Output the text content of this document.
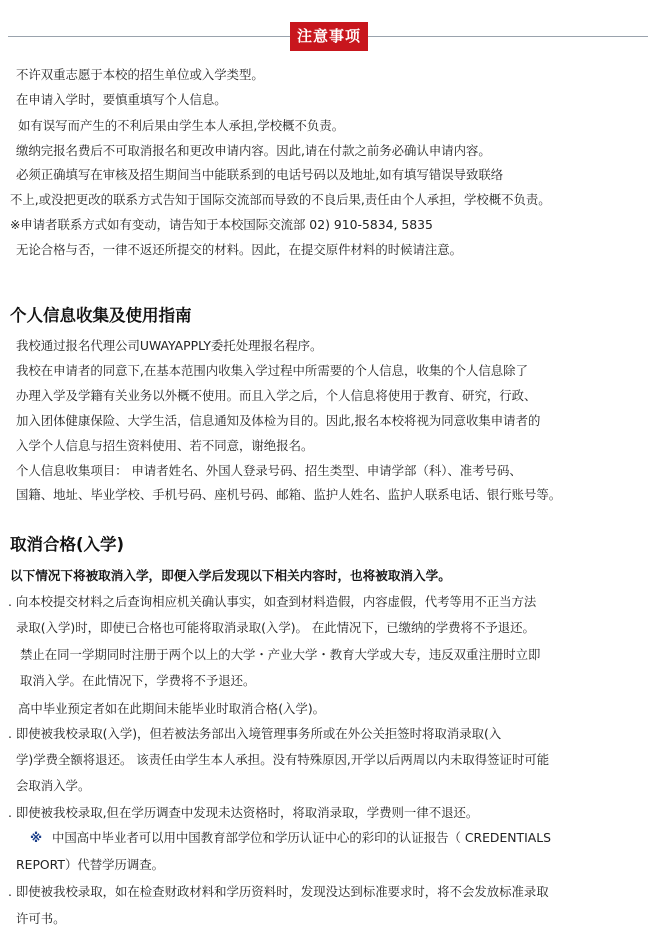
注意事项
不许双重志愿于本校的招生单位或入学类型。
在申请入学时，要慎重填写个人信息。
如有误写而产生的不利后果由学生本人承担,学校概不负责。
缴纳完报名费后不可取消报名和更改申请内容。因此,请在付款之前务必确认申请内容。
必须正确填写在审核及招生期间当中能联系到的电话号码以及地址,如有填写错误导致联络
不上,或没把更改的联系方式告知于国际交流部而导致的不良后果,责任由个人承担，学校概不负责。
※申请者联系方式如有变动，请告知于本校国际交流部 02) 910-5834, 5835
无论合格与否，一律不返还所提交的材料。因此，在提交原件材料的时候请注意。
个人信息收集及使用指南
我校通过报名代理公司UWAYAPPLY委托处理报名程序。
我校在申请者的同意下,在基本范围内收集入学过程中所需要的个人信息，收集的个人信息除了
办理入学及学籍有关业务以外概不使用。而且入学之后，个人信息将使用于教育、研究，行政、
加入团体健康保险、大学生活，信息通知及体检为目的。因此,报名本校将视为同意收集申请者的
入学个人信息与招生资料使用、若不同意，谢绝报名。
个人信息收集项目： 申请者姓名、外国人登录号码、招生类型、申请学部（科）、准考号码、
国籍、地址、毕业学校、手机号码、座机号码、邮箱、监护人姓名、监护人联系电话、银行账号等。
取消合格(入学)
以下情况下将被取消入学，即便入学后发现以下相关内容时，也将被取消入学。
. 向本校提交材料之后查询相应机关确认事实，如查到材料造假，内容虚假，代考等用不正当方法
录取(入学)时，即使已合格也可能将取消录取(入学)。 在此情况下，已缴纳的学费将不予退还。
禁止在同一学期同时注册于两个以上的大学・产业大学・教育大学或大专，违反双重注册时立即
取消入学。在此情况下，学费将不予退还。
高中毕业预定者如在此期间未能毕业时取消合格(入学)。
. 即使被我校录取(入学)，但若被法务部出入境管理事务所或在外公关拒签时将取消录取(入
学)学费全额将退还。 该责任由学生本人承担。没有特殊原因,开学以后两周以内未取得签证时可能
会取消入学。
. 即使被我校录取,但在学历调查中发现未达资格时，将取消录取，学费则一律不退还。
※ 中国高中毕业者可以用中国教育部学位和学历认证中心的彩印的认证报告（ CREDENTIALS
REPORT）代替学历调查。
. 即使被我校录取，如在检查财政材料和学历资料时，发现没达到标准要求时，将不会发放标准录取
许可书。
